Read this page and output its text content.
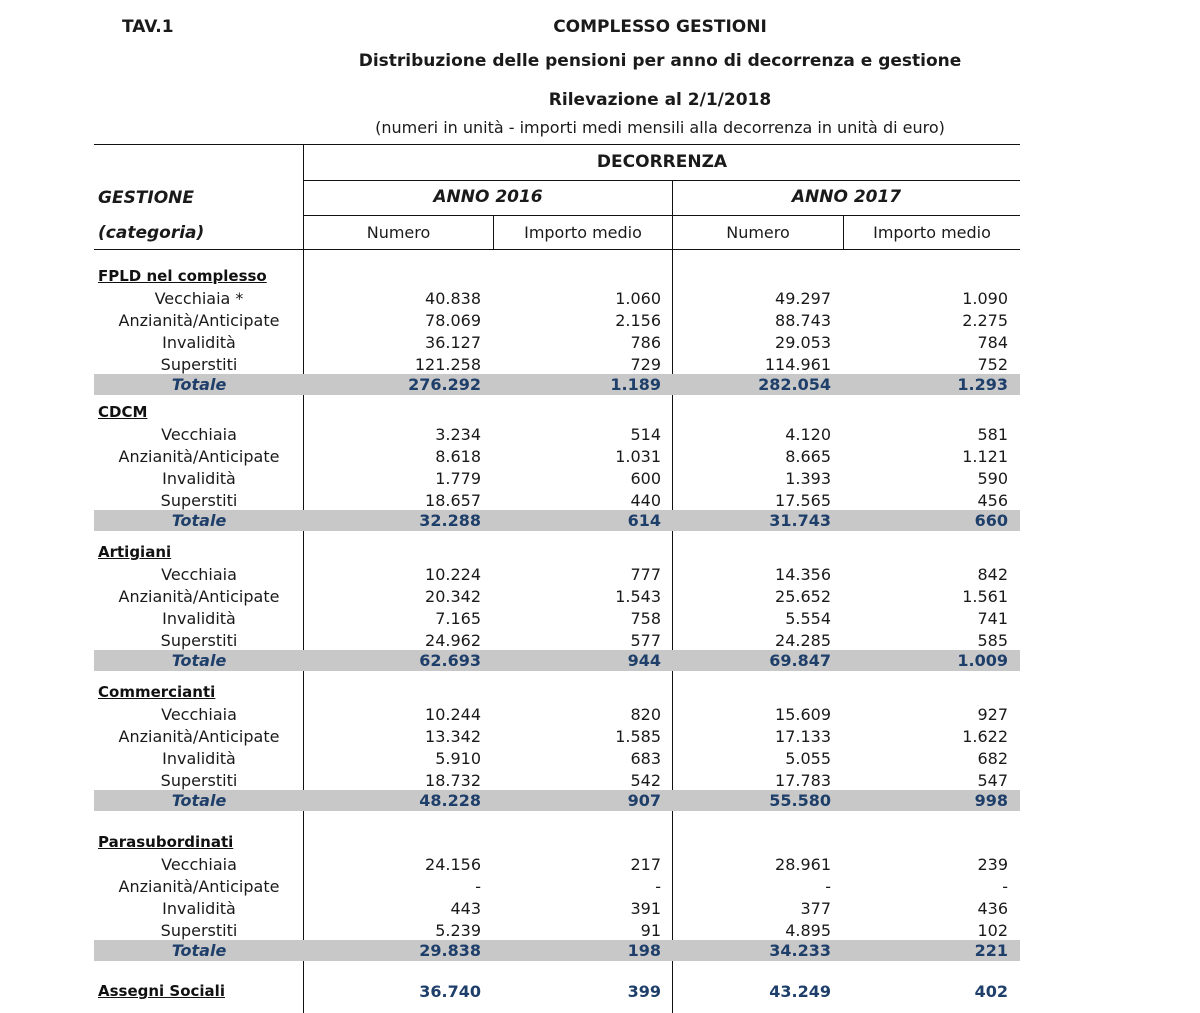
TAV.1	COMPLESSO GESTIONI
Distribuzione delle pensioni per anno di decorrenza e gestione
Rilevazione al 2/1/2018
(numeri in unità - importi medi mensili alla decorrenza in unità di euro)
DECORRENZA
GESTIONE
(categoria)
ANNO 2016	ANNO 2017
Numero	Importo medio	Numero	Importo medio
FPLD nel complesso
Vecchiaia *	40.838	1.060	49.297	1.090
Anzianità/Anticipate	78.069	2.156	88.743	2.275
Invalidità	36.127	786	29.053	784
Superstiti	121.258	729	114.961	752
Totale	276.292	1.189	282.054	1.293
CDCM
Vecchiaia	3.234	514	4.120	581
Anzianità/Anticipate	8.618	1.031	8.665	1.121
Invalidità	1.779	600	1.393	590
Superstiti	18.657	440	17.565	456
Totale	32.288	614	31.743	660
Artigiani
Vecchiaia	10.224	777	14.356	842
Anzianità/Anticipate	20.342	1.543	25.652	1.561
Invalidità	7.165	758	5.554	741
Superstiti	24.962	577	24.285	585
Totale	62.693	944	69.847	1.009
Commercianti
Vecchiaia	10.244	820	15.609	927
Anzianità/Anticipate	13.342	1.585	17.133	1.622
Invalidità	5.910	683	5.055	682
Superstiti	18.732	542	17.783	547
Totale	48.228	907	55.580	998
Parasubordinati
Vecchiaia	24.156	217	28.961	239
Anzianità/Anticipate	-	-	-	-
Invalidità	443	391	377	436
Superstiti	5.239	91	4.895	102
Totale	29.838	198	34.233	221
Assegni Sociali	36.740	399	43.249	402
